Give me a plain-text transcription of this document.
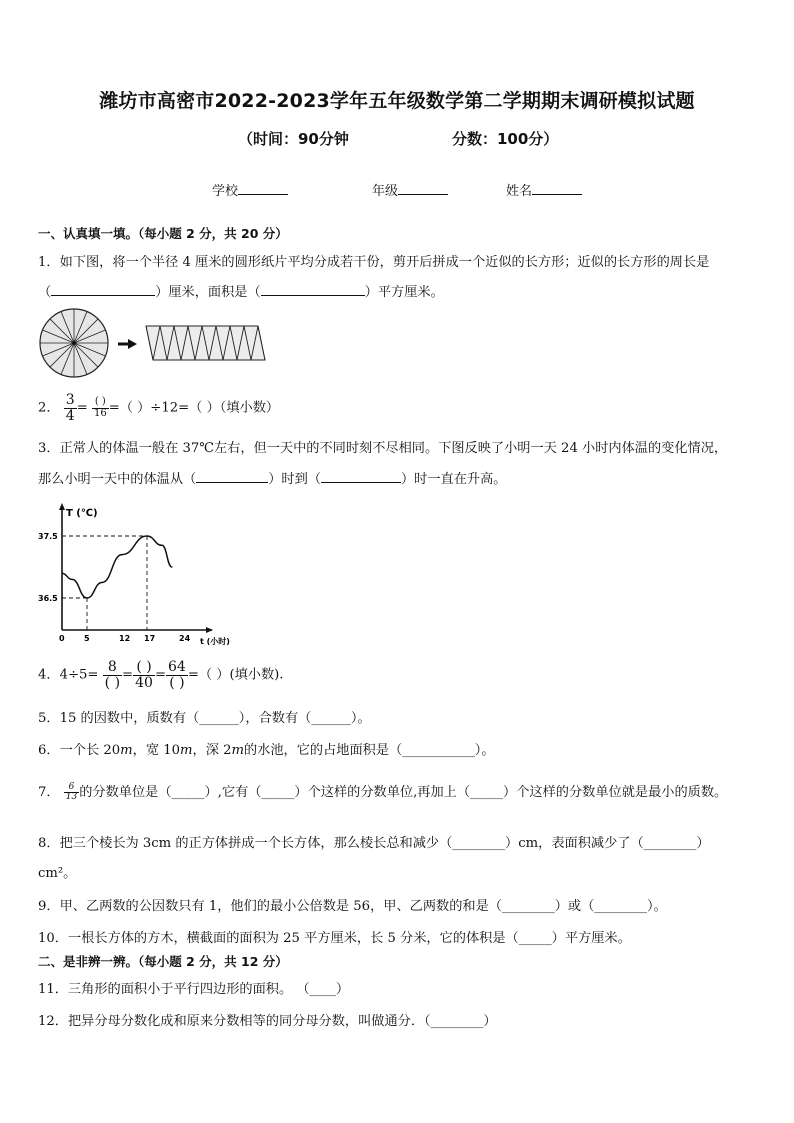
潍坊市高密市2022-2023学年五年级数学第二学期期末调研模拟试题
（时间：90分钟	分数：100分）
学校	年级	姓名
一、认真填一填。（每小题 2 分，共 20 分）
1．如下图，将一个半径 4 厘米的圆形纸片平均分成若干份，剪开后拼成一个近似的长方形；近似的长方形的周长是
（	）厘米，面积是（	）平方厘米。
2． $\frac{3}{4} = \frac{( )}{16}$ =（ ）÷12=（ ）（填小数）
3．正常人的体温一般在 37℃左右，但一天中的不同时刻不尽相同。下图反映了小明一天 24 小时内体温的变化情况，
那么小明一天中的体温从（	）时到（	）时一直在升高。
T (℃)
t (小时)
36.5
37.5
0 5	12 17	24
4．$4\div 5= \frac{8}{( )} = \frac{( )}{40} = \frac{64}{( )}$ =（ ）(填小数).
5．15 的因数中，质数有（______），合数有（______）。
6．一个长 20m，宽 10m，深 2m的水池，它的占地面积是（___________）。
7． $\frac{6}{13}$ 的分数单位是（_____）,它有（_____）个这样的分数单位,再加上（_____）个这样的分数单位就是最小的质数。
8．把三个棱长为 3cm 的正方体拼成一个长方体，那么棱长总和减少（________）cm，表面积减少了（________）
cm²。
9．甲、乙两数的公因数只有 1，他们的最小公倍数是 56，甲、乙两数的和是（________）或（________）。
10．一根长方体的方木，横截面的面积为 25 平方厘米，长 5 分米，它的体积是（_____）平方厘米。
二、是非辨一辨。（每小题 2 分，共 12 分）
11．三角形的面积小于平行四边形的面积。 （____）
12．把异分母分数化成和原来分数相等的同分母分数，叫做通分．（________）
